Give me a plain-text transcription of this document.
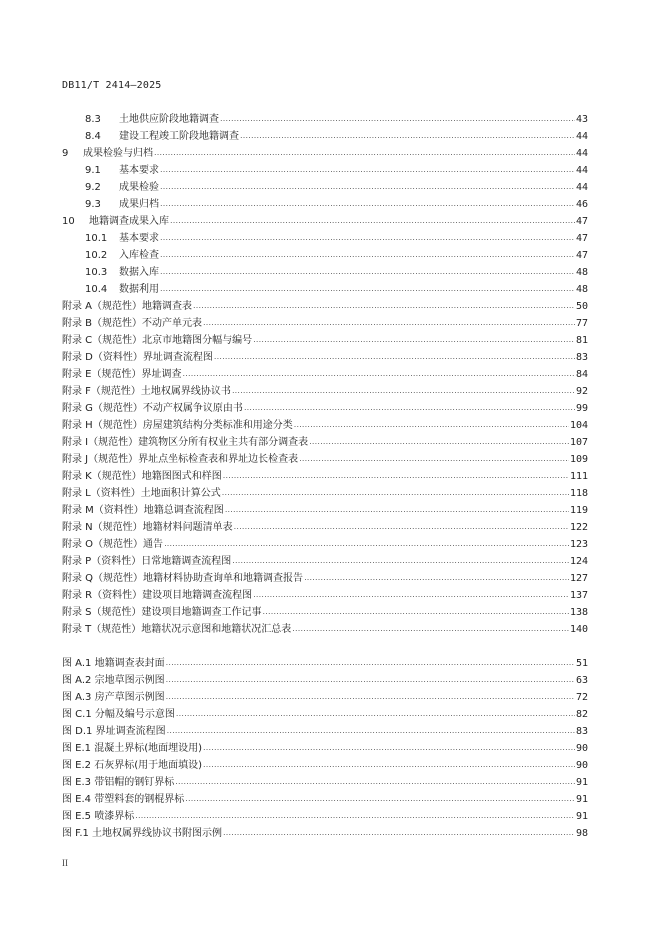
DB11/T 2414—2025
8.3	土地供应阶段地籍调查 .....	43
8.4	建设工程竣工阶段地籍调查 .....	44
9	成果检验与归档 .....	44
9.1	基本要求 .....	44
9.2	成果检验 .....	44
9.3	成果归档 .....	46
10	地籍调查成果入库 .....	47
10.1	基本要求 .....	47
10.2	入库检查 .....	47
10.3	数据入库 .....	48
10.4	数据利用 .....	48
附录 A（规范性）地籍调查表 .....	50
附录 B（规范性）不动产单元表 .....	77
附录 C（规范性）北京市地籍图分幅与编号 .....	81
附录 D（资料性）界址调查流程图 .....	83
附录 E（规范性）界址调查 .....	84
附录 F（规范性）土地权属界线协议书 .....	92
附录 G（规范性）不动产权属争议原由书 .....	99
附录 H（规范性）房屋建筑结构分类标准和用途分类 .....	104
附录 I（规范性）建筑物区分所有权业主共有部分调查表 .....	107
附录 J（规范性）界址点坐标检查表和界址边长检查表 .....	109
附录 K（规范性）地籍图图式和样图 .....	111
附录 L（资料性）土地面积计算公式 .....	118
附录 M（资料性）地籍总调查流程图 .....	119
附录 N（规范性）地籍材料问题清单表 .....	122
附录 O（规范性）通告 .....	123
附录 P（资料性）日常地籍调查流程图 .....	124
附录 Q（规范性）地籍材料协助查询单和地籍调查报告 .....	127
附录 R（资料性）建设项目地籍调查流程图 .....	137
附录 S（规范性）建设项目地籍调查工作记事 .....	138
附录 T（规范性）地籍状况示意图和地籍状况汇总表 .....	140
图 A.1 地籍调查表封面 .....	51
图 A.2 宗地草图示例图 .....	63
图 A.3 房产草图示例图 .....	72
图 C.1 分幅及编号示意图 .....	82
图 D.1 界址调查流程图 .....	83
图 E.1 混凝土界标(地面埋设用) .....	90
图 E.2 石灰界标(用于地面填设) .....	90
图 E.3 带铝帽的钢钉界标 .....	91
图 E.4 带塑料套的钢棍界标 .....	91
图 E.5 喷漆界标 .....	91
图 F.1 土地权属界线协议书附图示例 .....	98
II
